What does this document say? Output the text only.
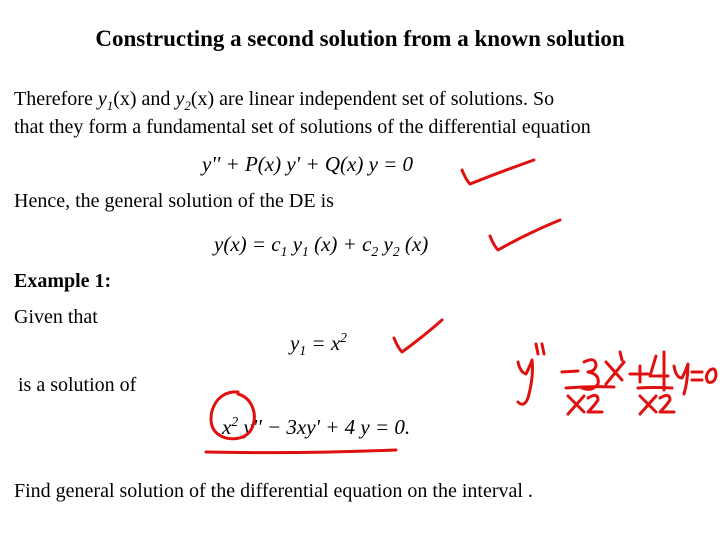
Constructing a second solution from a known solution
Therefore $y_1(x)$ and $y_2(x)$ are linear independent set of solutions. So
that they form a fundamental set of solutions of the differential equation
y'' + P(x) y' + Q(x) y = 0
Hence, the general solution of the DE is
$y(x) = c_1$ $y_1$ $(x) + c_2$ $y_2$ (x)
Example 1:
Given that
$y_1 = x^2$
is a solution of
$x^2$ y'' − 3xy' + 4 y = 0.
Find general solution of the differential equation on the interval .
